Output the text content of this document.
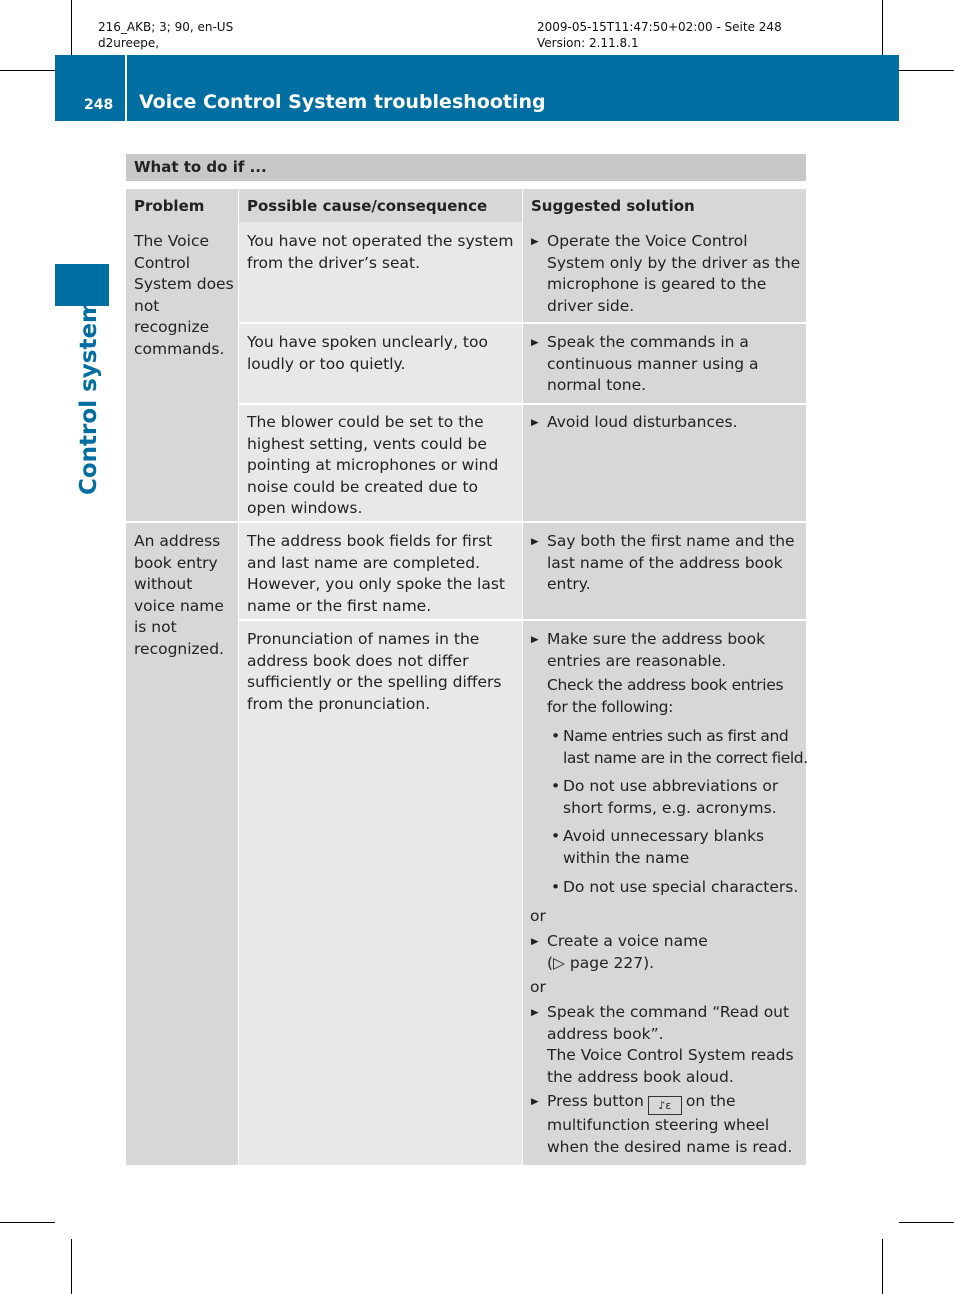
216_AKB; 3; 90, en-US
d2ureepe,
2009-05-15T11:47:50+02:00 - Seite 248
Version: 2.11.8.1
248 Voice Control System troubleshooting
Control systems
What to do if ...
Problem	Possible cause/consequence	Suggested solution
The Voice Control System does not recognize commands.
An address book entry without voice name is not recognized.
You have not operated the system from the driver’s seat.
You have spoken unclearly, too loudly or too quietly.
The blower could be set to the highest setting, vents could be pointing at microphones or wind noise could be created due to open windows.
The address book fields for first and last name are completed. However, you only spoke the last name or the first name.
Pronunciation of names in the address book does not differ sufficiently or the spelling differs from the pronunciation.
▶ Operate the Voice Control System only by the driver as the microphone is geared to the driver side.
▶ Speak the commands in a continuous manner using a normal tone.
▶ Avoid loud disturbances.
▶ Say both the first name and the last name of the address book entry.
▶ Make sure the address book entries are reasonable.
Check the address book entries for the following:
• Name entries such as first and last name are in the correct field.
• Do not use abbreviations or short forms, e.g. acronyms.
• Avoid unnecessary blanks within the name
• Do not use special characters.
or
▶ Create a voice name
(▷ page 227).
or
▶ Speak the command “Read out address book”.
The Voice Control System reads the address book aloud.
▶ Press button ♪ɛ on the multifunction steering wheel when the desired name is read.
